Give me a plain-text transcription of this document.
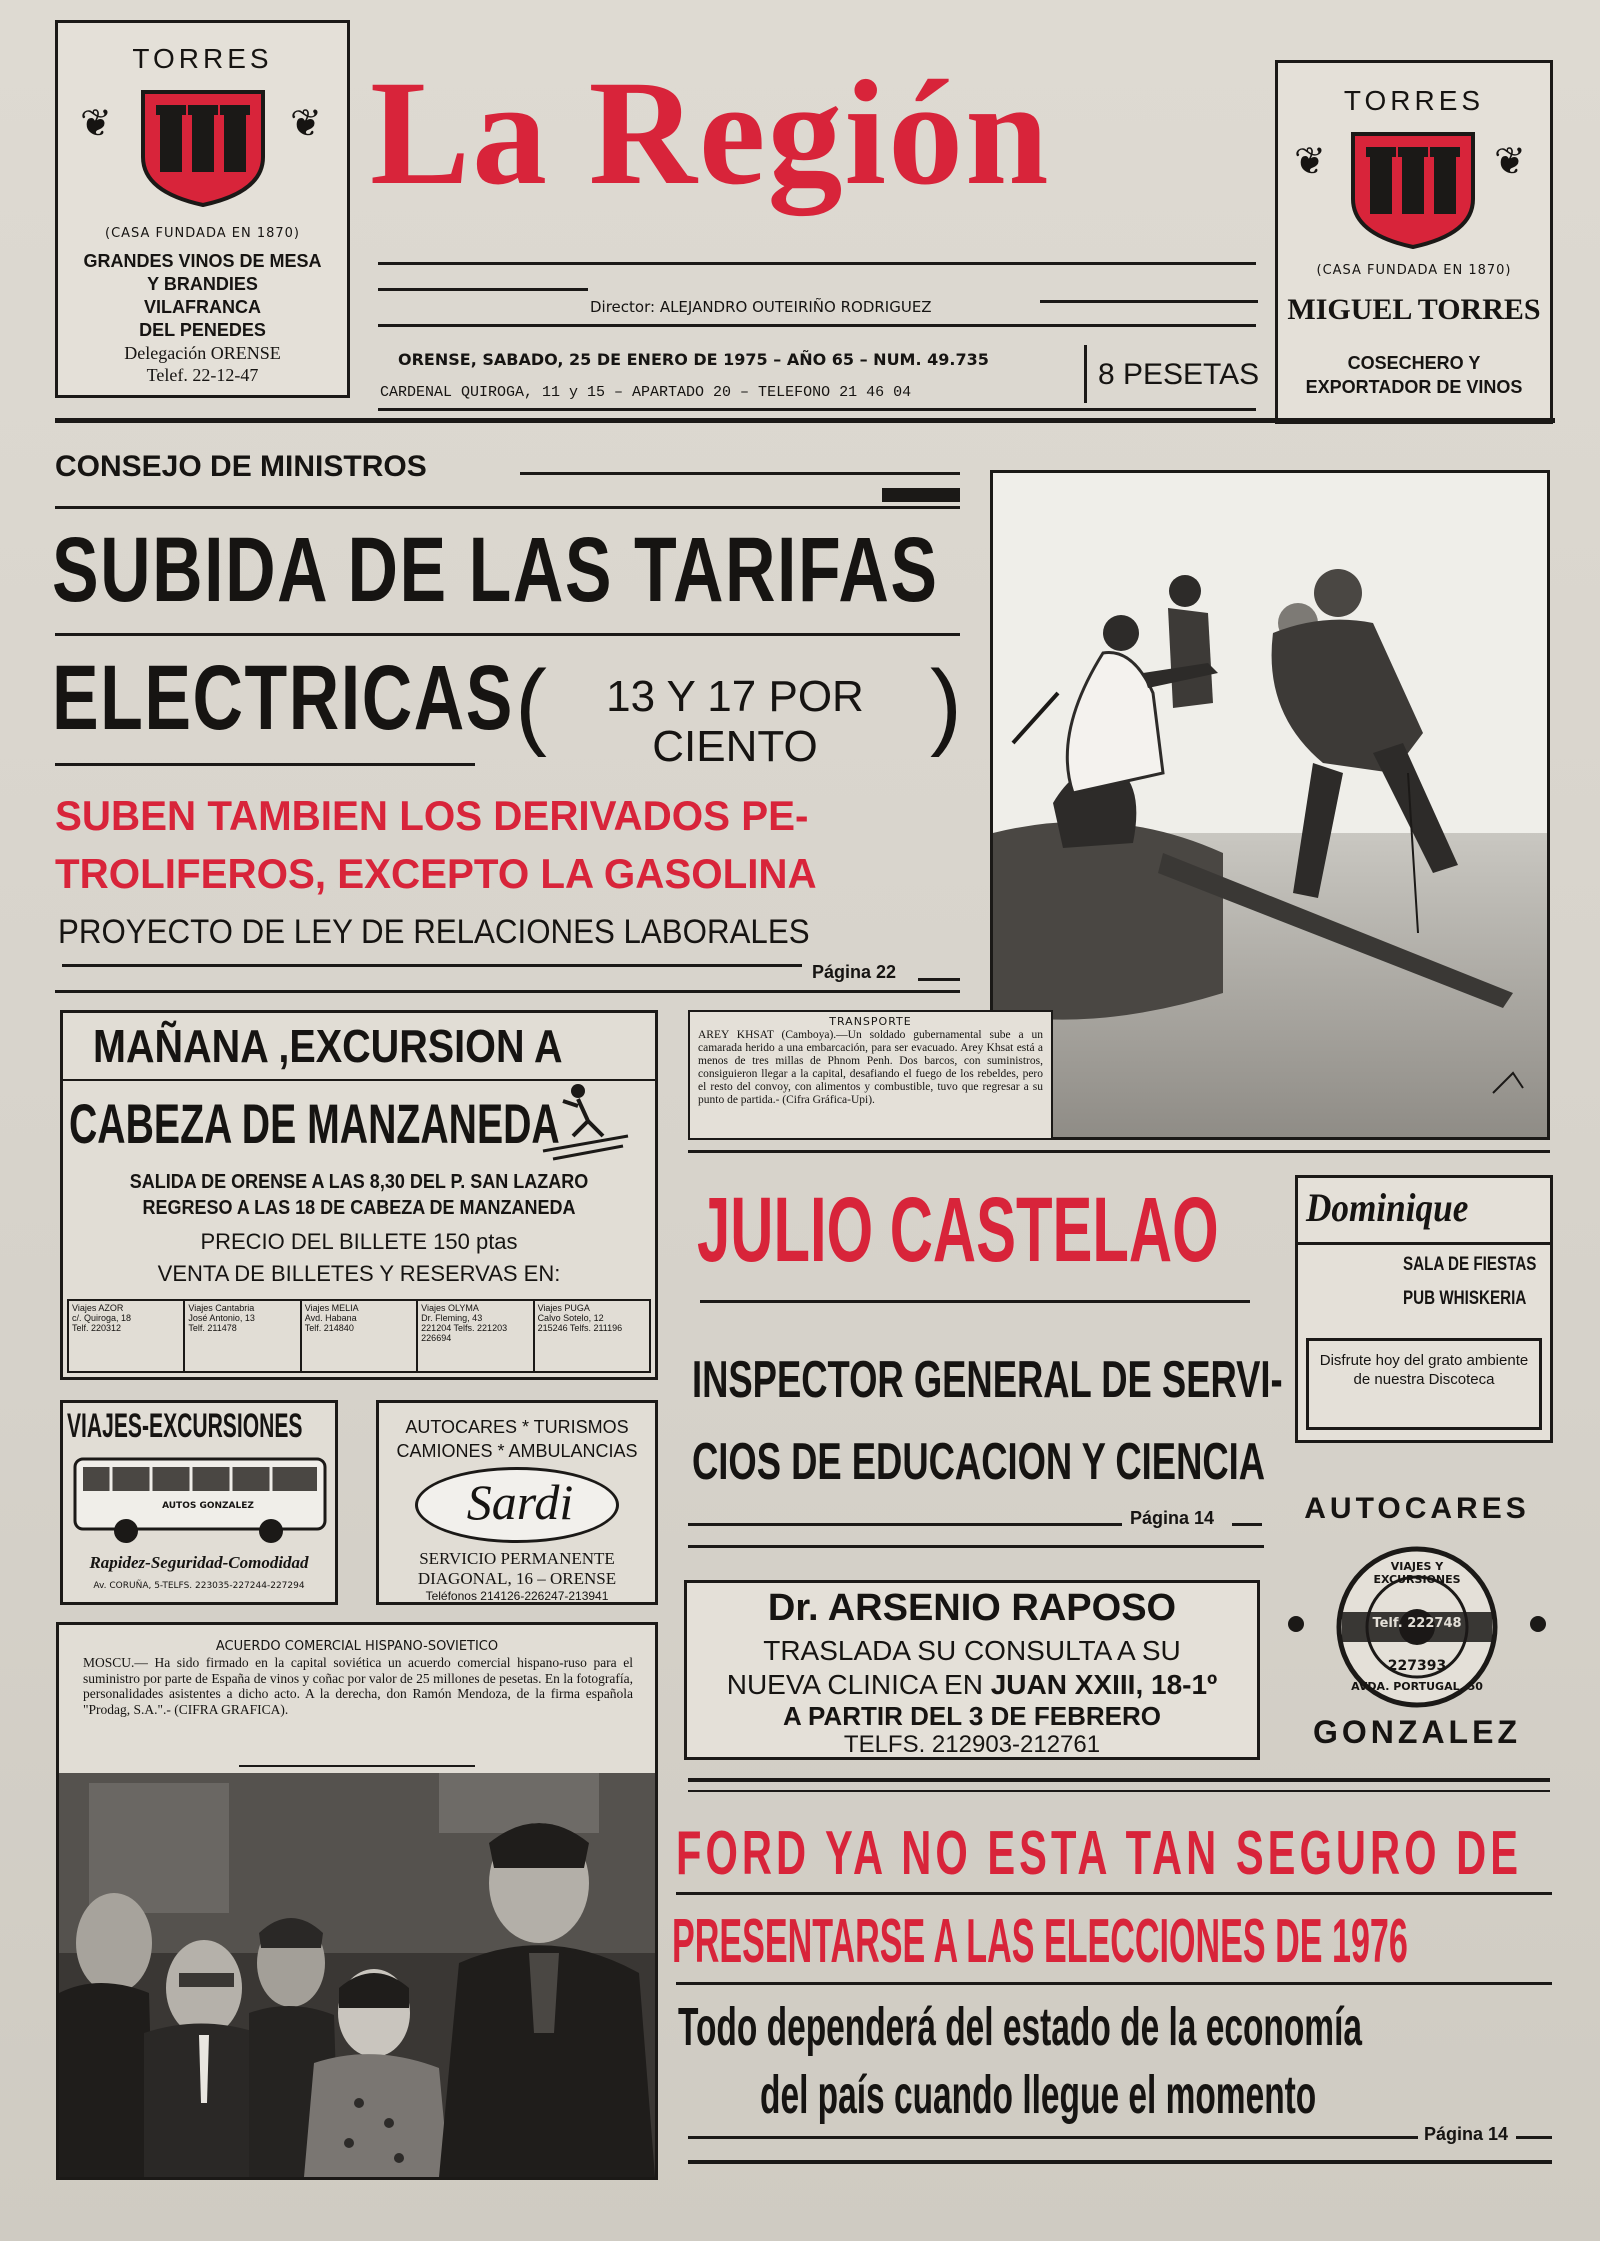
TORRES
❦	❦
(CASA FUNDADA EN 1870)
GRANDES VINOS DE MESA
Y BRANDIES
VILAFRANCA
DEL PENEDES
Delegación ORENSE
Telef. 22-12-47
La Región
Director: ALEJANDRO OUTEIRIÑO RODRIGUEZ
ORENSE, SABADO, 25 DE ENERO DE 1975 – AÑO 65 – NUM. 49.735
CARDENAL QUIROGA, 11 y 15 – APARTADO 20 – TELEFONO 21 46 04
8 PESETAS
TORRES
❦	❦
(CASA FUNDADA EN 1870)
MIGUEL TORRES
COSECHERO Y
EXPORTADOR DE VINOS
CONSEJO DE MINISTROS
SUBIDA DE LAS TARIFAS
ELECTRICAS (	13 Y 17 POR
CIENTO	)
SUBEN TAMBIEN LOS DERIVADOS PE-
TROLIFEROS, EXCEPTO LA GASOLINA
PROYECTO DE LEY DE RELACIONES LABORALES
Página 22
TRANSPORTE
AREY KHSAT (Camboya).—Un soldado gubernamental sube a un camarada herido a una embarcación, para ser evacuado. Arey Khsat está a menos de tres millas de Phnom Penh. Dos barcos, con suministros, consiguieron llegar a la capital, desafiando el fuego de los rebeldes, pero el resto del convoy, con alimentos y combustible, tuvo que regresar a su punto de partida.- (Cifra Gráfica-Upi).
MAÑANA ,EXCURSION A
CABEZA DE MANZANEDA
SALIDA DE ORENSE A LAS 8,30 DEL P. SAN LAZARO
REGRESO A LAS 18 DE CABEZA DE MANZANEDA
PRECIO DEL BILLETE 150 ptas
VENTA DE BILLETES Y RESERVAS EN:
Viajes AZOR
c/. Quiroga, 18
Telf. 220312

Viajes Cantabria
José Antonio, 13
Telf. 211478

Viajes MELIA
Avd. Habana
Telf. 214840

Viajes OLYMA
Dr. Fleming, 43
221204 Telfs. 221203 226694

Viajes PUGA
Calvo Sotelo, 12
215246 Telfs. 211196
VIAJES-EXCURSIONES
AUTOS GONZALEZ
Rapidez-Seguridad-Comodidad
Av. CORUÑA, 5-TELFS. 223035-227244-227294
AUTOCARES * TURISMOS
CAMIONES * AMBULANCIAS
Sardi
SERVICIO PERMANENTE
DIAGONAL, 16 – ORENSE
Teléfonos 214126-226247-213941
ACUERDO COMERCIAL HISPANO-SOVIETICO
MOSCU.— Ha sido firmado en la capital soviética un acuerdo comercial hispano-ruso para el suministro por parte de España de vinos y coñac por valor de 25 millones de pesetas. En la fotografía, personalidades asistentes a dicho acto. A la derecha, don Ramón Mendoza, de la firma española "Prodag, S.A.".- (CIFRA GRAFICA).
JULIO CASTELAO
INSPECTOR GENERAL DE SERVI-
CIOS DE EDUCACION Y CIENCIA
Página 14
Dominique
SALA DE FIESTAS
PUB WHISKERIA
Disfrute hoy del grato ambiente de nuestra Discoteca
Dr. ARSENIO RAPOSO
TRASLADA SU CONSULTA A SU
NUEVA CLINICA EN JUAN XXIII, 18-1º
A PARTIR DEL 3 DE FEBRERO
TELFS. 212903-212761
AUTOCARES
VIAJES Y EXCURSIONES
Telf. 222748
227393
AVDA. PORTUGAL, 50
GONZALEZ
FORD YA NO ESTA TAN SEGURO DE
PRESENTARSE A LAS ELECCIONES DE 1976
Todo dependerá del estado de la economía
del país cuando llegue el momento
Página 14
